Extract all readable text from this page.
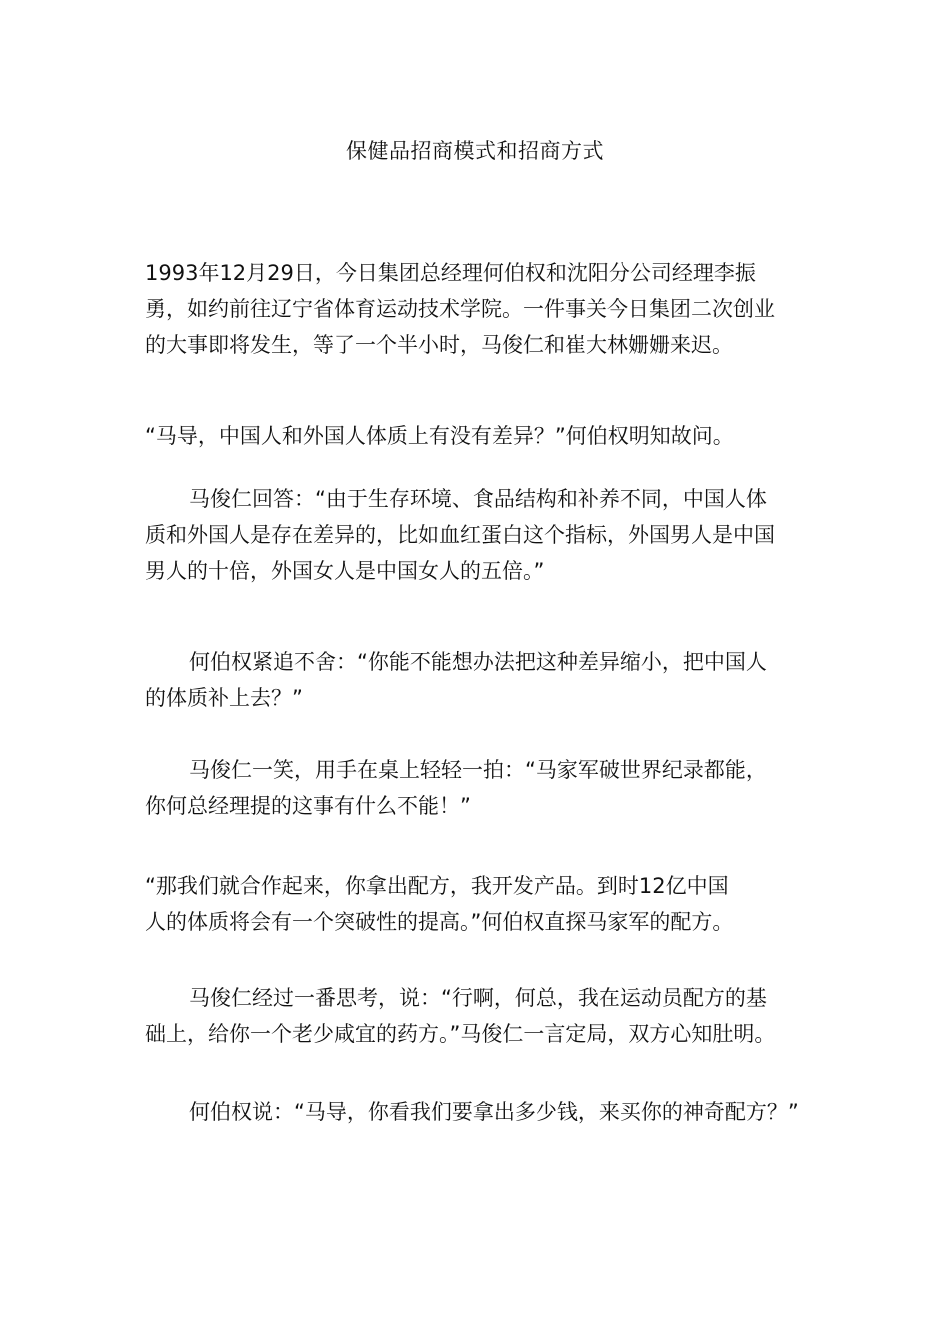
保健品招商模式和招商方式
1993年12月29日，今日集团总经理何伯权和沈阳分公司经理李振
勇，如约前往辽宁省体育运动技术学院。一件事关今日集团二次创业
的大事即将发生，等了一个半小时，马俊仁和崔大林姗姗来迟。
“马导，中国人和外国人体质上有没有差异？”何伯权明知故问。
马俊仁回答：“由于生存环境、食品结构和补养不同，中国人体
质和外国人是存在差异的，比如血红蛋白这个指标，外国男人是中国
男人的十倍，外国女人是中国女人的五倍。”
何伯权紧追不舍：“你能不能想办法把这种差异缩小，把中国人
的体质补上去？”
马俊仁一笑，用手在桌上轻轻一拍：“马家军破世界纪录都能，
你何总经理提的这事有什么不能！”
“那我们就合作起来，你拿出配方，我开发产品。到时12亿中国
人的体质将会有一个突破性的提高。”何伯权直探马家军的配方。
马俊仁经过一番思考，说：“行啊，何总，我在运动员配方的基
础上，给你一个老少咸宜的药方。”马俊仁一言定局，双方心知肚明。
何伯权说：“马导，你看我们要拿出多少钱，来买你的神奇配方？”
